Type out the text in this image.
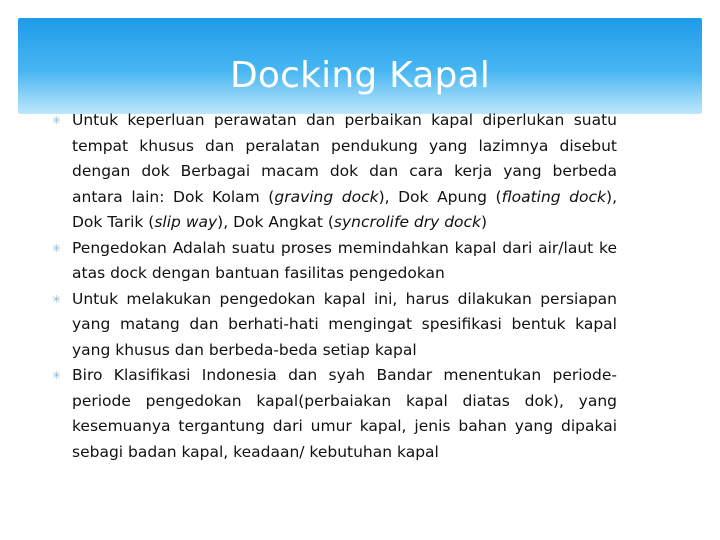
Docking Kapal
✳ Untuk keperluan perawatan dan perbaikan kapal diperlukan suatu tempat khusus dan peralatan pendukung yang lazimnya disebut dengan dok Berbagai macam dok dan cara kerja yang berbeda antara lain: Dok Kolam (graving dock), Dok Apung (floating dock), Dok Tarik (slip way), Dok Angkat (syncrolife dry dock)
✳ Pengedokan Adalah suatu proses memindahkan kapal dari air/laut ke atas dock dengan bantuan fasilitas pengedokan
✳ Untuk melakukan pengedokan kapal ini, harus dilakukan persiapan yang matang dan berhati-hati mengingat spesifikasi bentuk kapal yang khusus dan berbeda-beda setiap kapal
✳ Biro Klasifikasi Indonesia dan syah Bandar menentukan periode-periode pengedokan kapal(perbaiakan kapal diatas dok), yang kesemuanya tergantung dari umur kapal, jenis bahan yang dipakai sebagi badan kapal, keadaan/ kebutuhan kapal
